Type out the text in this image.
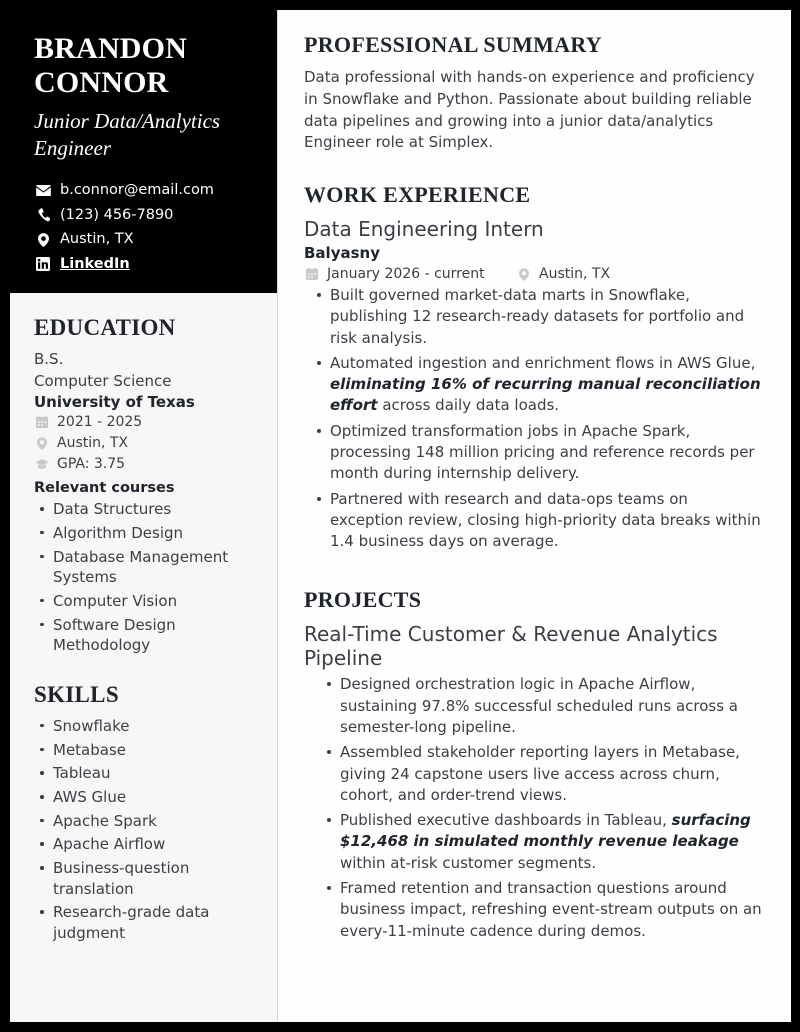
BRANDON CONNOR
Junior Data/Analytics Engineer
b.connor@email.com
(123) 456-7890
Austin, TX
LinkedIn
EDUCATION
B.S.
Computer Science
University of Texas
2021 - 2025
Austin, TX
GPA: 3.75
Relevant courses
Data Structures
Algorithm Design
Database Management Systems
Computer Vision
Software Design Methodology
SKILLS
Snowflake
Metabase
Tableau
AWS Glue
Apache Spark
Apache Airflow
Business-question translation
Research-grade data judgment
PROFESSIONAL SUMMARY

Data professional with hands-on experience and proficiency in Snowflake and Python. Passionate about building reliable data pipelines and growing into a junior data/analytics Engineer role at Simplex.

WORK EXPERIENCE
Data Engineering Intern
Balyasny
January 2026 - current	Austin, TX
Built governed market-data marts in Snowflake, publishing 12 research-ready datasets for portfolio and risk analysis.
Automated ingestion and enrichment flows in AWS Glue, eliminating 16% of recurring manual reconciliation effort across daily data loads.
Optimized transformation jobs in Apache Spark, processing 148 million pricing and reference records per month during internship delivery.
Partnered with research and data-ops teams on exception review, closing high-priority data breaks within 1.4 business days on average.
PROJECTS
Real-Time Customer & Revenue Analytics Pipeline
Designed orchestration logic in Apache Airflow, sustaining 97.8% successful scheduled runs across a semester-long pipeline.
Assembled stakeholder reporting layers in Metabase, giving 24 capstone users live access across churn, cohort, and order-trend views.
Published executive dashboards in Tableau, surfacing $12,468 in simulated monthly revenue leakage within at-risk customer segments.
Framed retention and transaction questions around business impact, refreshing event-stream outputs on an every-11-minute cadence during demos.
